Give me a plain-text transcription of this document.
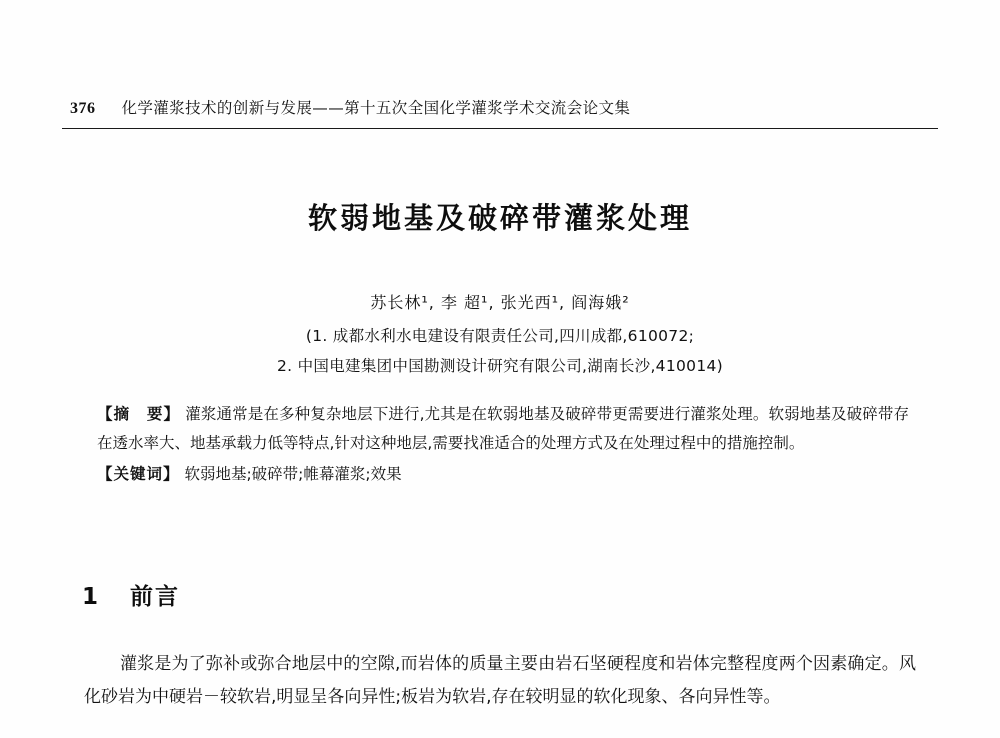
376 化学灌浆技术的创新与发展——第十五次全国化学灌浆学术交流会论文集
软弱地基及破碎带灌浆处理
苏长林¹, 李 超¹, 张光西¹, 阎海娥²
(1. 成都水利水电建设有限责任公司,四川成都,610072;
2. 中国电建集团中国勘测设计研究有限公司,湖南长沙,410014)
【摘　要】 灌浆通常是在多种复杂地层下进行,尤其是在软弱地基及破碎带更需要进行灌浆处理。软弱地基及破碎带存在透水率大、地基承载力低等特点,针对这种地层,需要找准适合的处理方式及在处理过程中的措施控制。
【关键词】 软弱地基;破碎带;帷幕灌浆;效果
1 前言
灌浆是为了弥补或弥合地层中的空隙,而岩体的质量主要由岩石坚硬程度和岩体完整程度两个因素确定。风化砂岩为中硬岩－较软岩,明显呈各向异性;板岩为软岩,存在较明显的软化现象、各向异性等。
